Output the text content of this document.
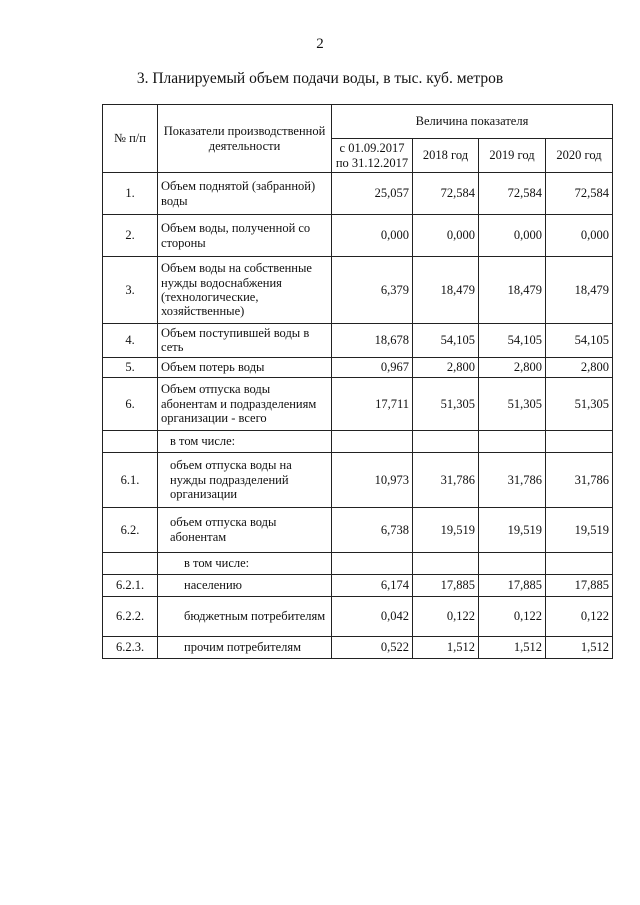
2
3. Планируемый объем подачи воды, в тыс. куб. метров
№ п/п	Показатели производственной деятельности	Величина показателя			
		с 01.09.2017 по 31.12.2017	2018 год	2019 год	2020 год
1.	Объем поднятой (забранной) воды	25,057	72,584	72,584	72,584
2.	Объем воды, полученной со стороны	0,000	0,000	0,000	0,000
3.	Объем воды на собственные нужды водоснабжения (технологические, хозяйственные)	6,379	18,479	18,479	18,479
4.	Объем поступившей воды в сеть	18,678	54,105	54,105	54,105
5.	Объем потерь воды	0,967	2,800	2,800	2,800
6.	Объем отпуска воды абонентам и подразделениям организации - всего	17,711	51,305	51,305	51,305
	в том числе:				
6.1.	объем отпуска воды на нужды подразделений организации	10,973	31,786	31,786	31,786
6.2.	объем отпуска воды абонентам	6,738	19,519	19,519	19,519
	в том числе:				
6.2.1.	населению	6,174	17,885	17,885	17,885
6.2.2.	бюджетным потребителям	0,042	0,122	0,122	0,122
6.2.3.	прочим потребителям	0,522	1,512	1,512	1,512
